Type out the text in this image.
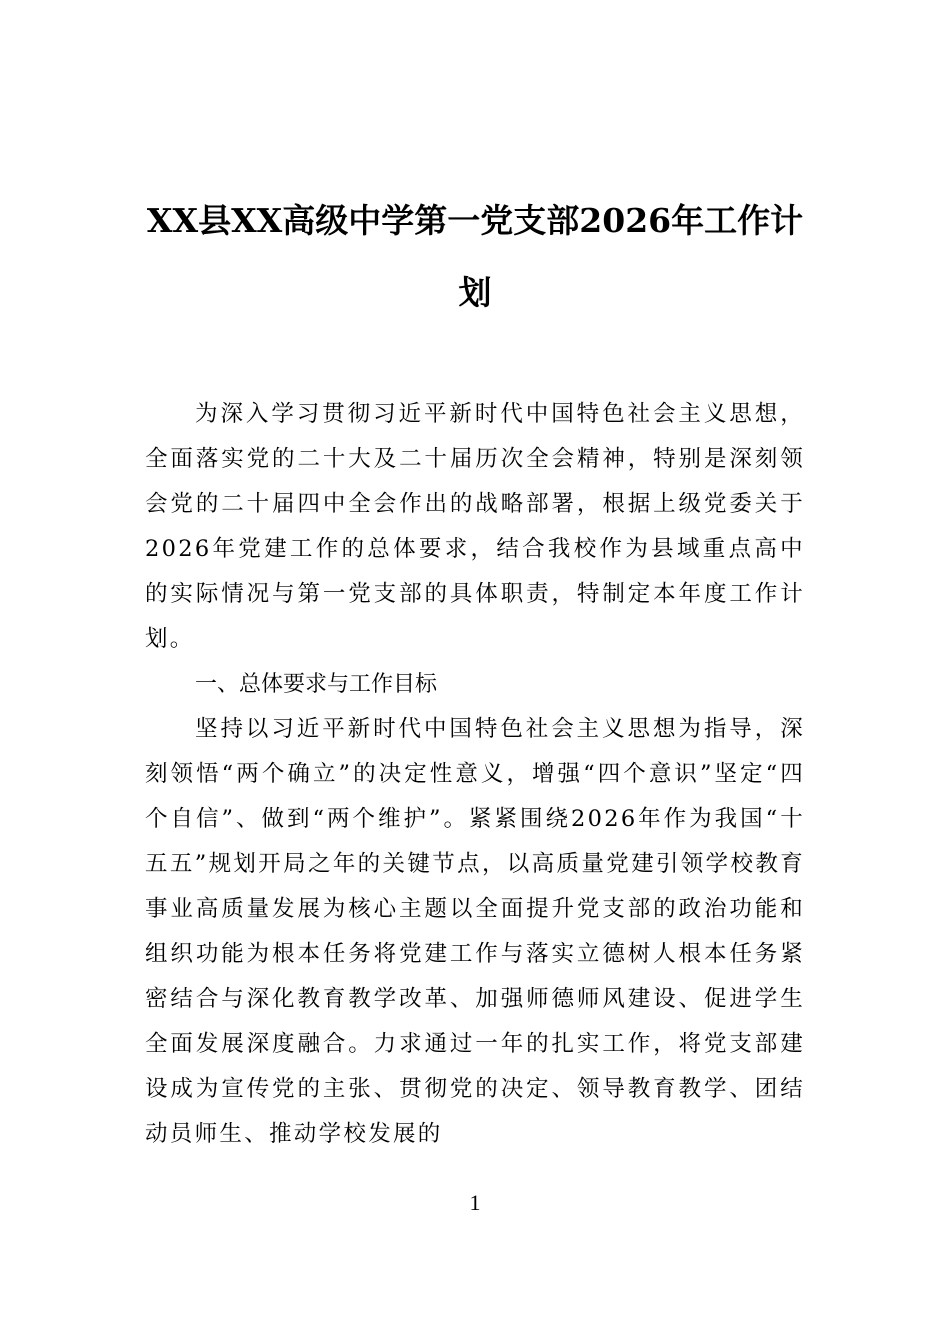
XX县XX高级中学第一党支部2026年工作计划

为深入学习贯彻习近平新时代中国特色社会主义思想，全面落实党的二十大及二十届历次全会精神，特别是深刻领会党的二十届四中全会作出的战略部署，根据上级党委关于2026年党建工作的总体要求，结合我校作为县域重点高中的实际情况与第一党支部的具体职责，特制定本年度工作计划。

一、总体要求与工作目标

坚持以习近平新时代中国特色社会主义思想为指导，深刻领悟“两个确立”的决定性意义，增强“四个意识”坚定“四个自信”、做到“两个维护”。紧紧围绕2026年作为我国“十五五”规划开局之年的关键节点，以高质量党建引领学校教育事业高质量发展为核心主题以全面提升党支部的政治功能和组织功能为根本任务将党建工作与落实立德树人根本任务紧密结合与深化教育教学改革、加强师德师风建设、促进学生全面发展深度融合。力求通过一年的扎实工作，将党支部建设成为宣传党的主张、贯彻党的决定、领导教育教学、团结动员师生、推动学校发展的

1
